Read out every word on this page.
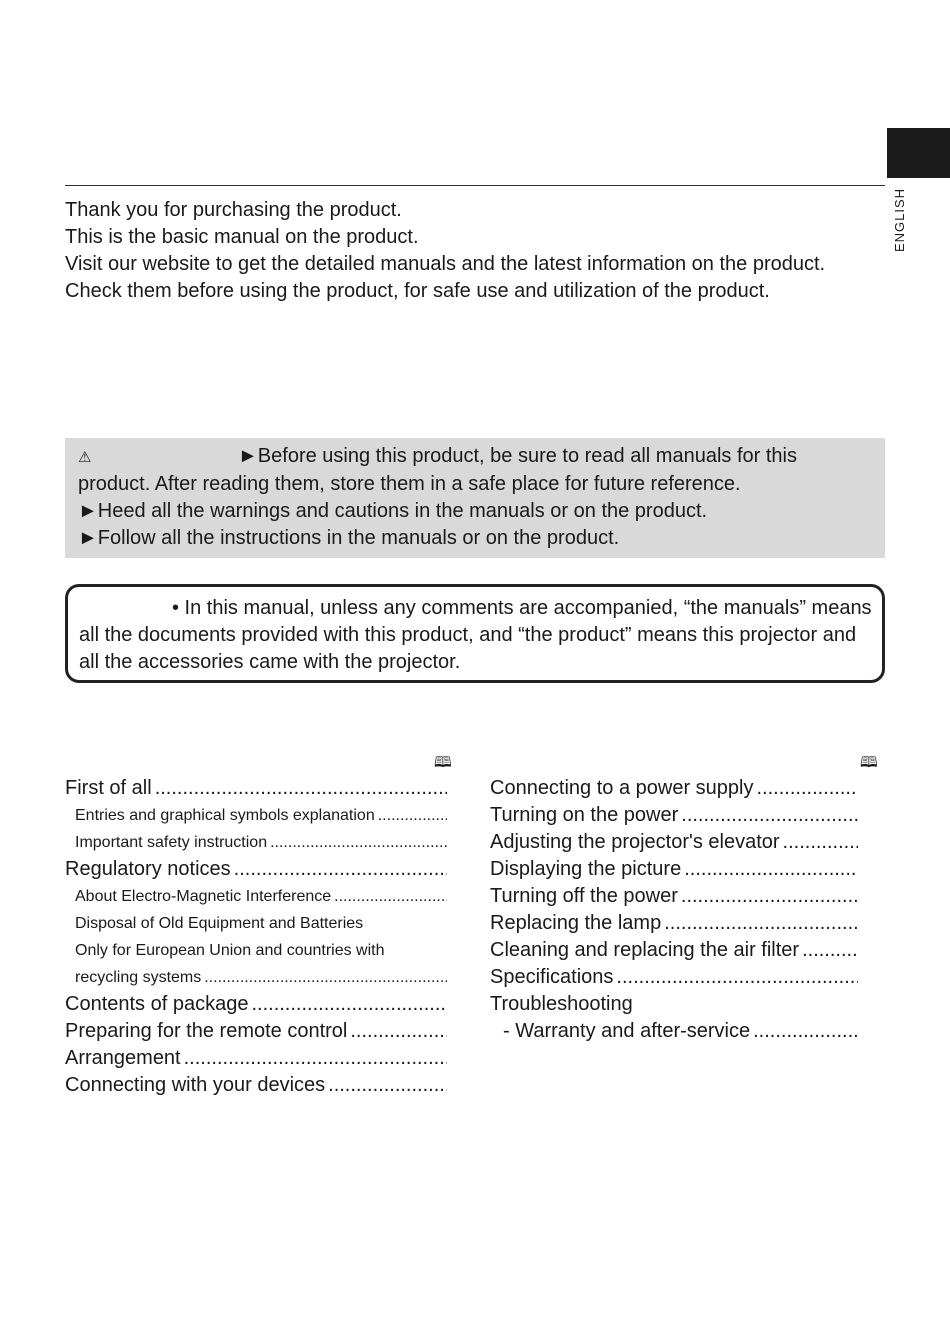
ENGLISH

Thank you for purchasing the product.

This is the basic manual on the product.

Visit our website to get the detailed manuals and the latest information on the product. Check them before using the product, for safe use and utilization of the product.

⚠	►Before using this product, be sure to read all manuals for this product. After reading them, store them in a safe place for future reference.

►Heed all the warnings and cautions in the manuals or on the product.

►Follow all the instructions in the manuals or on the product.

• In this manual, unless any comments are accompanied, “the manuals” means all the documents provided with this product, and “the product” means this projector and all the accessories came with the projector.

🕮	🕮
First of all
.....
Entries and graphical symbols explanation
.....
Important safety instruction
.....
Regulatory notices
.....
About Electro-Magnetic Interference
.....
Disposal of Old Equipment and Batteries
Only for European Union and countries with
recycling systems
.....
Contents of package
.....
Preparing for the remote control
.....
Arrangement
.....
Connecting with your devices
.....
Connecting to a power supply
.....
Turning on the power
.....
Adjusting the projector's elevator
.....
Displaying the picture
.....
Turning off the power
.....
Replacing the lamp
.....
Cleaning and replacing the air filter
.....
Specifications
.....
Troubleshooting
- Warranty and after-service
.....
